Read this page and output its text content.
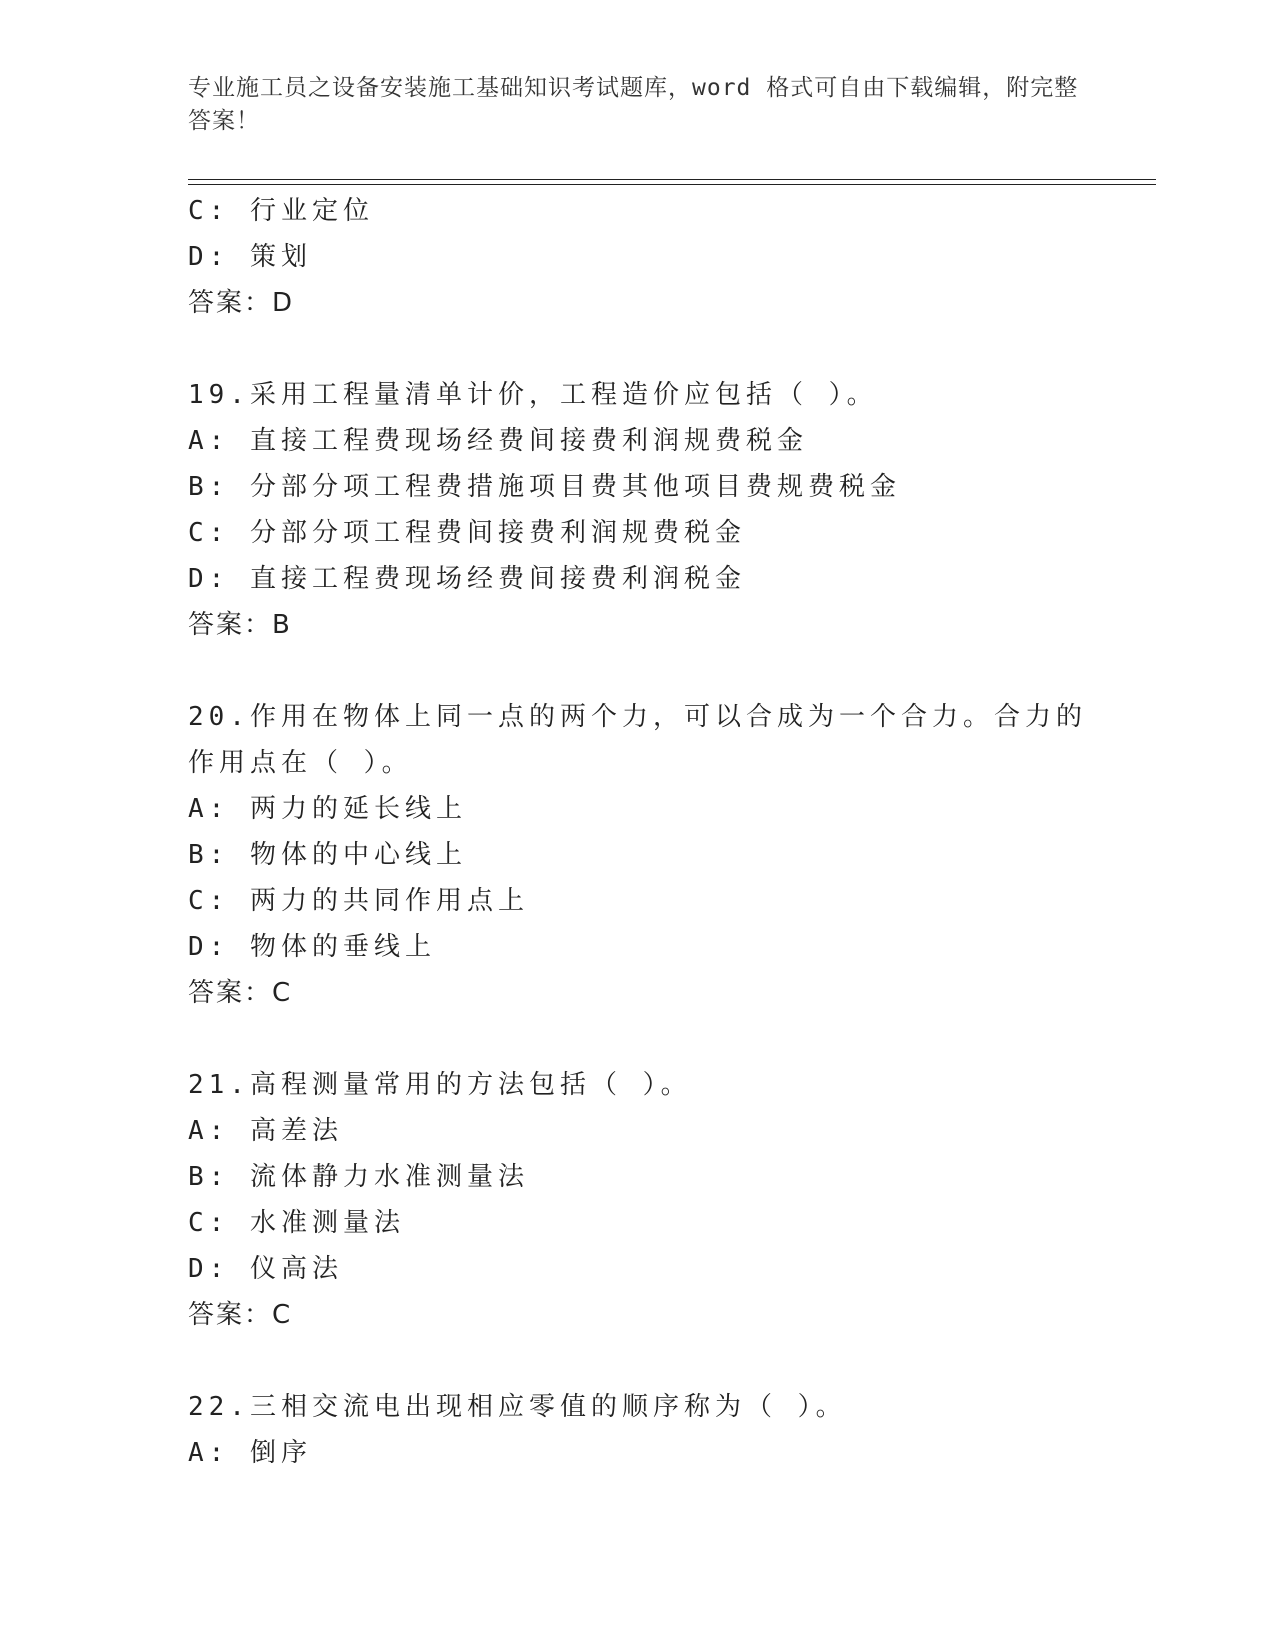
专业施工员之设备安装施工基础知识考试题库，word 格式可自由下载编辑，附完整答案！
C: 行业定位
D: 策划
答案：D
19.采用工程量清单计价，工程造价应包括（ ）。
A: 直接工程费现场经费间接费利润规费税金
B: 分部分项工程费措施项目费其他项目费规费税金
C: 分部分项工程费间接费利润规费税金
D: 直接工程费现场经费间接费利润税金
答案：B
20.作用在物体上同一点的两个力，可以合成为一个合力。合力的作用点在（ ）。
A: 两力的延长线上
B: 物体的中心线上
C: 两力的共同作用点上
D: 物体的垂线上
答案：C
21.高程测量常用的方法包括（ ）。
A: 高差法
B: 流体静力水准测量法
C: 水准测量法
D: 仪高法
答案：C
22.三相交流电出现相应零值的顺序称为（ ）。
A: 倒序
